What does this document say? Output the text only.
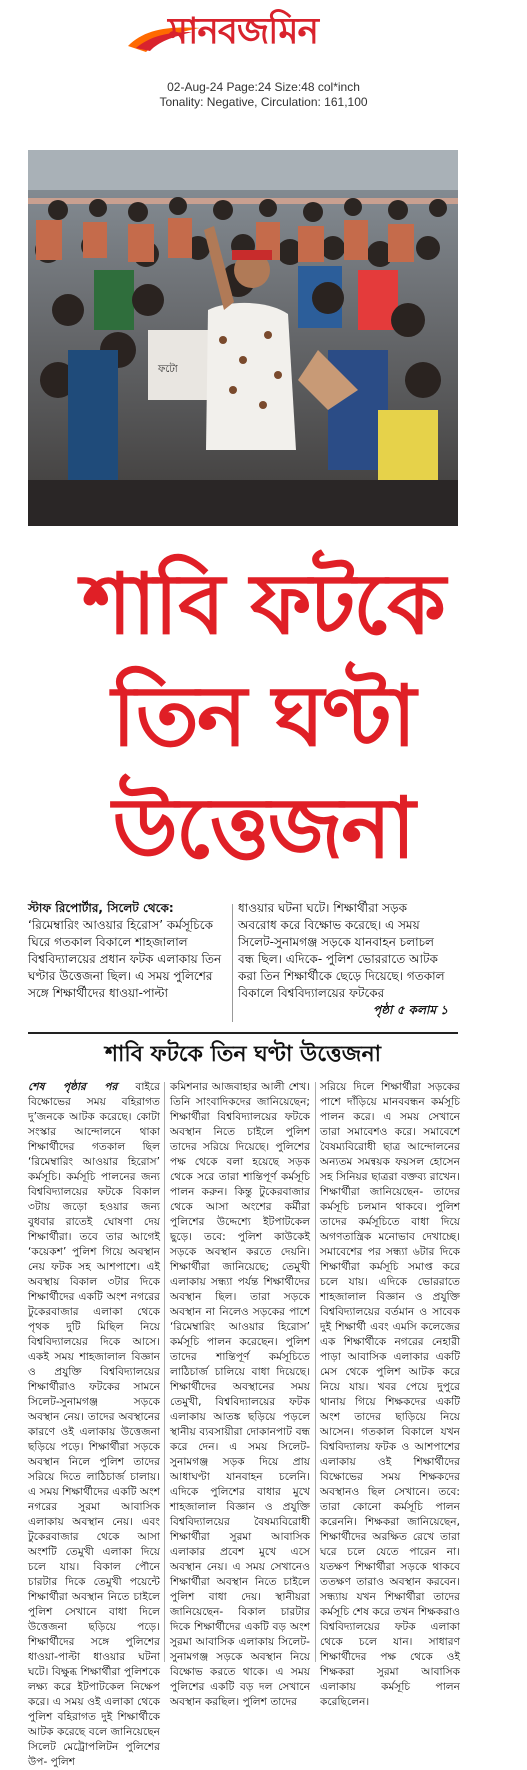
মানবজমিন
02-Aug-24 Page:24 Size:48 col*inch
Tonality: Negative, Circulation: 161,100
ফটো
শাবি ফটকে
তিন ঘণ্টা
উত্তেজনা
স্টাফ রিপোর্টার, সিলেট থেকে: ‘রিমেম্বারিং আওয়ার হিরোস’ কর্মসূচিকে ঘিরে গতকাল বিকালে শাহজালাল বিশ্ববিদ্যালয়ের প্রধান ফটক এলাকায় তিন ঘণ্টার উত্তেজনা ছিল। এ সময় পুলিশের সঙ্গে শিক্ষার্থীদের ধাওয়া-পাল্টা
ধাওয়ার ঘটনা ঘটে। শিক্ষার্থীরা সড়ক অবরোধ করে বিক্ষোভ করেছে। এ সময় সিলেট-সুনামগঞ্জ সড়কে যানবাহন চলাচল বন্ধ ছিল। এদিকে- পুলিশ ভোররাতে আটক করা তিন শিক্ষার্থীকে ছেড়ে দিয়েছে। গতকাল বিকালে বিশ্ববিদ্যালয়ের ফটকের
পৃষ্ঠা ৫ কলাম ১
শাবি ফটকে তিন ঘণ্টা উত্তেজনা
শেষ পৃষ্ঠার পর বাইরে বিক্ষোভের সময় বহিরাগত দু’জনকে আটক করেছে। কোটা সংস্কার আন্দোলনে থাকা শিক্ষার্থীদের গতকাল ছিল ‘রিমেম্বারিং আওয়ার হিরোস’ কর্মসূচি। কর্মসূচি পালনের জন্য বিশ্ববিদ্যালয়ের ফটকে বিকাল ৩টায় জড়ো হওয়ার জন্য বুধবার রাতেই ঘোষণা দেয় শিক্ষার্থীরা। তবে তার আগেই ‘কয়েকশ’ পুলিশ গিয়ে অবস্থান নেয় ফটক সহ আশপাশে। এই অবস্থায় বিকাল ৩টার দিকে শিক্ষার্থীদের একটি অংশ নগরের টুকেরবাজার এলাকা থেকে পৃথক দুটি মিছিল নিয়ে বিশ্ববিদ্যালয়ের দিকে আসে। একই সময় শাহজালাল বিজ্ঞান ও প্রযুক্তি বিশ্ববিদ্যালয়ের শিক্ষার্থীরাও ফটকের সামনে সিলেট-সুনামগঞ্জ সড়কে অবস্থান নেয়। তাদের অবস্থানের কারণে ওই এলাকায় উত্তেজনা ছড়িয়ে পড়ে। শিক্ষার্থীরা সড়কে অবস্থান নিলে পুলিশ তাদের সরিয়ে দিতে লাঠিচার্জ চালায়। এ সময় শিক্ষার্থীদের একটি অংশ নগরের সুরমা আবাসিক এলাকায় অবস্থান নেয়। এবং টুকেরবাজার থেকে আসা অংশটি তেমুখী এলাকা দিয়ে চলে যায়। বিকাল পৌনে চারটার দিকে তেমুখী পয়েন্টে শিক্ষার্থীরা অবস্থান নিতে চাইলে পুলিশ সেখানে বাধা দিলে উত্তেজনা ছড়িয়ে পড়ে। শিক্ষার্থীদের সঙ্গে পুলিশের ধাওয়া-পাল্টা ধাওয়ার ঘটনা ঘটে। বিক্ষুব্ধ শিক্ষার্থীরা পুলিশকে লক্ষ্য করে ইটপাটকেল নিক্ষেপ করে। এ সময় ওই এলাকা থেকে পুলিশ বহিরাগত দুই শিক্ষার্থীকে আটক করেছে বলে জানিয়েছেন সিলেট মেট্রোপলিটন পুলিশের উপ- পুলিশ
কমিশনার আজবাহার আলী শেখ। তিনি সাংবাদিকদের জানিয়েছেন; শিক্ষার্থীরা বিশ্ববিদ্যালয়ের ফটকে অবস্থান নিতে চাইলে পুলিশ তাদের সরিয়ে দিয়েছে। পুলিশের পক্ষ থেকে বলা হয়েছে সড়ক থেকে সরে তারা শান্তিপূর্ণ কর্মসূচি পালন করুন। কিন্তু টুকেরবাজার থেকে আসা অংশের কর্মীরা পুলিশের উদ্দেশ্যে ইটপাটকেল ছুড়ে। তবে: পুলিশ কাউকেই সড়কে অবস্থান করতে দেয়নি। শিক্ষার্থীরা জানিয়েছে; তেমুখী এলাকায় সন্ধ্যা পর্যন্ত শিক্ষার্থীদের অবস্থান ছিল। তারা সড়কে অবস্থান না নিলেও সড়কের পাশে ‘রিমেম্বারিং আওয়ার হিরোস’ কর্মসূচি পালন করেছেন। পুলিশ তাদের শান্তিপূর্ণ কর্মসূচিতে লাঠিচার্জ চালিয়ে বাধা দিয়েছে। শিক্ষার্থীদের অবস্থানের সময় তেমুখী, বিশ্ববিদ্যালয়ের ফটক এলাকায় আতঙ্ক ছড়িয়ে পড়লে স্থানীয় ব্যবসায়ীরা দোকানপাট বন্ধ করে দেন। এ সময় সিলেট- সুনামগঞ্জ সড়ক দিয়ে প্রায় আধাঘণ্টা যানবাহন চলেনি। এদিকে পুলিশের বাধার মুখে শাহজালাল বিজ্ঞান ও প্রযুক্তি বিশ্ববিদ্যালয়ের বৈষম্যবিরোধী শিক্ষার্থীরা সুরমা আবাসিক এলাকার প্রবেশ মুখে এসে অবস্থান নেয়। এ সময় সেখানেও শিক্ষার্থীরা অবস্থান নিতে চাইলে পুলিশ বাধা দেয়। স্থানীয়রা জানিয়েছেন- বিকাল চারটার দিকে শিক্ষার্থীদের একটি বড় অংশ সুরমা আবাসিক এলাকায় সিলেট- সুনামগঞ্জ সড়কে অবস্থান নিয়ে বিক্ষোভ করতে থাকে। এ সময় পুলিশের একটি বড় দল সেখানে অবস্থান করছিল। পুলিশ তাদের
সরিয়ে দিলে শিক্ষার্থীরা সড়কের পাশে দাঁড়িয়ে মানববন্ধন কর্মসূচি পালন করে। এ সময় সেখানে তারা সমাবেশও করে। সমাবেশে বৈষম্যবিরোধী ছাত্র আন্দোলনের অন্যতম সমন্বয়ক ফয়সল হোসেন সহ সিনিয়র ছাত্ররা বক্তব্য রাখেন। শিক্ষার্থীরা জানিয়েছেন- তাদের কর্মসূচি চলমান থাকবে। পুলিশ তাদের কর্মসূচিতে বাধা দিয়ে অগণতান্ত্রিক মনোভাব দেখাচ্ছে। সমাবেশের পর সন্ধ্যা ৬টার দিকে শিক্ষার্থীরা কর্মসূচি সমাপ্ত করে চলে যায়। এদিকে ভোররাতে শাহজালাল বিজ্ঞান ও প্রযুক্তি বিশ্ববিদ্যালয়ের বর্তমান ও সাবেক দুই শিক্ষার্থী এবং এমসি কলেজের এক শিক্ষার্থীকে নগরের নেহারী পাড়া আবাসিক এলাকার একটি মেস থেকে পুলিশ আটক করে নিয়ে যায়। খবর পেয়ে দুপুরে থানায় গিয়ে শিক্ষকদের একটি অংশ তাদের ছাড়িয়ে নিয়ে আসেন। গতকাল বিকালে যখন বিশ্ববিদ্যালয় ফটক ও আশপাশের এলাকায় ওই শিক্ষার্থীদের বিক্ষোভের সময় শিক্ষকদের অবস্থানও ছিল সেখানে। তবে: তারা কোনো কর্মসূচি পালন করেননি। শিক্ষকরা জানিয়েছেন, শিক্ষার্থীদের অরক্ষিত রেখে তারা ঘরে চলে যেতে পারেন না। যতক্ষণ শিক্ষার্থীরা সড়কে থাকবে ততক্ষণ তারাও অবস্থান করবেন। সন্ধ্যায় যখন শিক্ষার্থীরা তাদের কর্মসূচি শেষ করে তখন শিক্ষকরাও বিশ্ববিদ্যালয়ের ফটক এলাকা থেকে চলে যান। সাধারণ শিক্ষার্থীদের পক্ষ থেকে ওই শিক্ষকরা সুরমা আবাসিক এলাকায় কর্মসূচি পালন করেছিলেন।
